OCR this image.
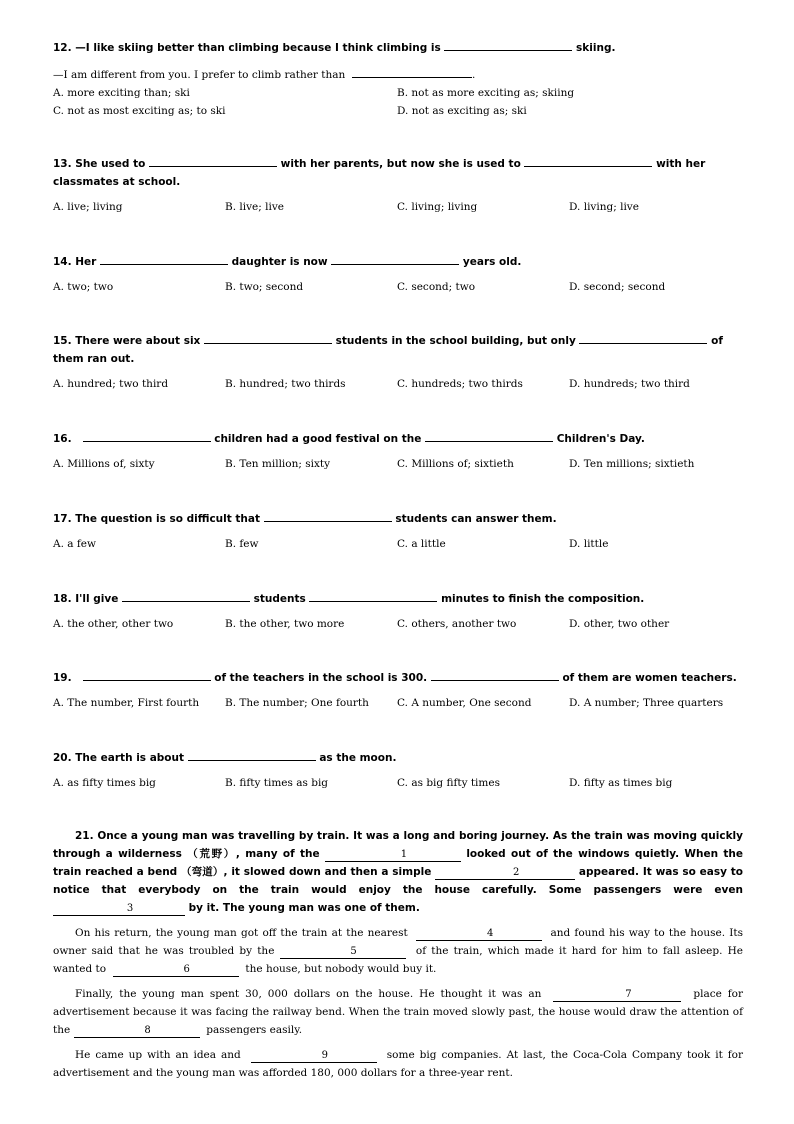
12. —I like skiing better than climbing because I think climbing is	skiing.
—I am different from you. I prefer to climb rather than	.
A. more exciting than; ski	B. not as more exciting as; skiing
C. not as most exciting as; to ski	D. not as exciting as; ski
13. She used to	with her parents, but now she is used to	with her
classmates at school.
A. live; living	B. live; live	C. living; living	D. living; live
14. Her	daughter is now	years old.
A. two; two	B. two; second	C. second; two	D. second; second
15. There were about six	students in the school building, but only	of
them ran out.
A. hundred; two third	B. hundred; two thirds	C. hundreds; two thirds	D. hundreds; two third
16.	children had a good festival on the	Children's Day.
A. Millions of, sixty	B. Ten million; sixty	C. Millions of; sixtieth	D. Ten millions; sixtieth
17. The question is so difficult that	students can answer them.
A. a few	B. few	C. a little	D. little
18. I'll give	students	minutes to finish the composition.
A. the other, other two	B. the other, two more	C. others, another two	D. other, two other
19.	of the teachers in the school is 300.	of them are women teachers.
A. The number, First fourth	B. The number; One fourth	C. A number, One second	D. A number; Three quarters
20. The earth is about	as the moon.
A. as fifty times big	B. fifty times as big	C. as big fifty times	D. fifty as times big

21. Once a young man was travelling by train. It was a long and boring journey. As the train was moving quickly through a wilderness （荒野）, many of the	1	looked out of the windows quietly. When the train reached a bend （弯道）, it slowed down and then a simple	2	appeared. It was so easy to notice that everybody on the train would enjoy the house carefully. Some passengers were even 3	by it. The young man was one of them.

On his return, the young man got off the train at the nearest	4	and found his way to the house. Its owner said that he was troubled by the	5	of the train, which made it hard for him to fall asleep. He wanted to	6	the house, but nobody would buy it.

Finally, the young man spent 30, 000 dollars on the house. He thought it was an	7	place for advertisement because it was facing the railway bend. When the train moved slowly past, the house would draw the attention of the	8	passengers easily.

He came up with an idea and	9	some big companies. At last, the Coca-Cola Company took it for advertisement and the young man was afforded 180, 000 dollars for a three-year rent.
